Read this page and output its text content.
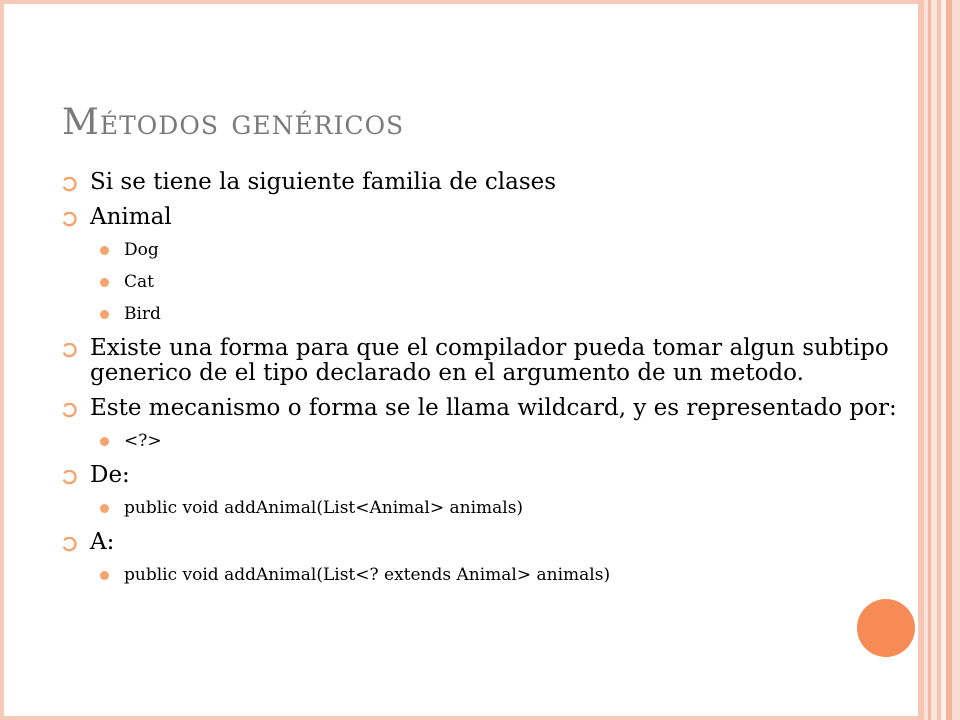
Métodos genéricos
Si se tiene la siguiente familia de clases
Animal
Dog
Cat
Bird
Existe una forma para que el compilador pueda tomar algun subtipo generico de el tipo declarado en el argumento de un metodo.
Este mecanismo o forma se le llama wildcard, y es representado por:
<?>
De:
public void addAnimal(List<Animal> animals)
A:
public void addAnimal(List<? extends Animal> animals)
